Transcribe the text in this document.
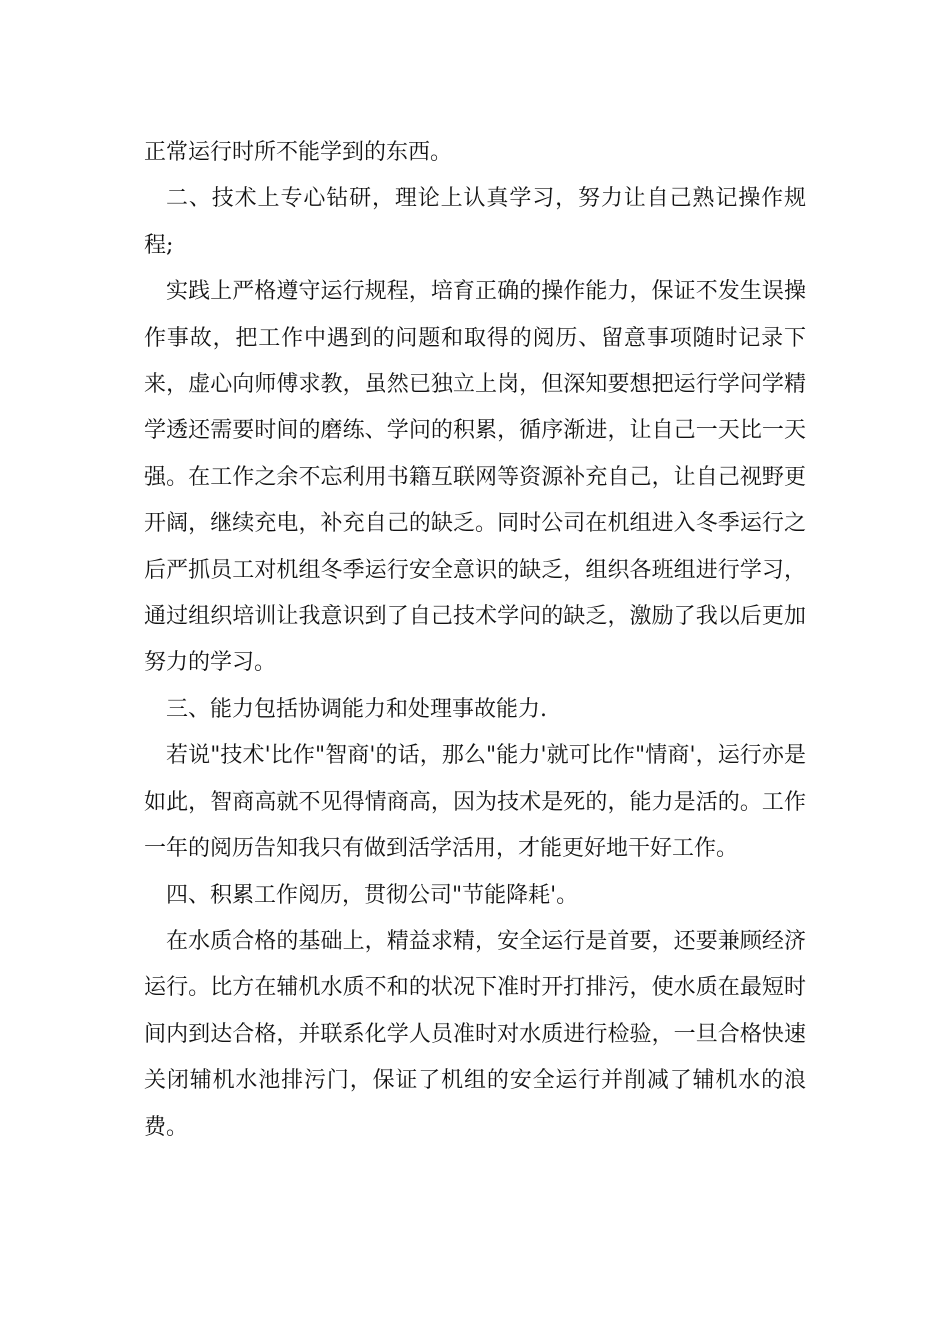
正常运行时所不能学到的东西。

二、技术上专心钻研，理论上认真学习，努力让自己熟记操作规程;

实践上严格遵守运行规程，培育正确的操作能力，保证不发生误操作事故，把工作中遇到的问题和取得的阅历、留意事项随时记录下来，虚心向师傅求教，虽然已独立上岗，但深知要想把运行学问学精学透还需要时间的磨练、学问的积累，循序渐进，让自己一天比一天强。在工作之余不忘利用书籍互联网等资源补充自己，让自己视野更开阔，继续充电，补充自己的缺乏。同时公司在机组进入冬季运行之后严抓员工对机组冬季运行安全意识的缺乏，组织各班组进行学习，通过组织培训让我意识到了自己技术学问的缺乏，激励了我以后更加努力的学习。

三、能力包括协调能力和处理事故能力.

若说"技术'比作"智商'的话，那么"能力'就可比作"情商'，运行亦是如此，智商高就不见得情商高，因为技术是死的，能力是活的。工作一年的阅历告知我只有做到活学活用，才能更好地干好工作。

四、积累工作阅历，贯彻公司"节能降耗'。

在水质合格的基础上，精益求精，安全运行是首要，还要兼顾经济运行。比方在辅机水质不和的状况下准时开打排污，使水质在最短时间内到达合格，并联系化学人员准时对水质进行检验，一旦合格快速关闭辅机水池排污门，保证了机组的安全运行并削减了辅机水的浪费。
